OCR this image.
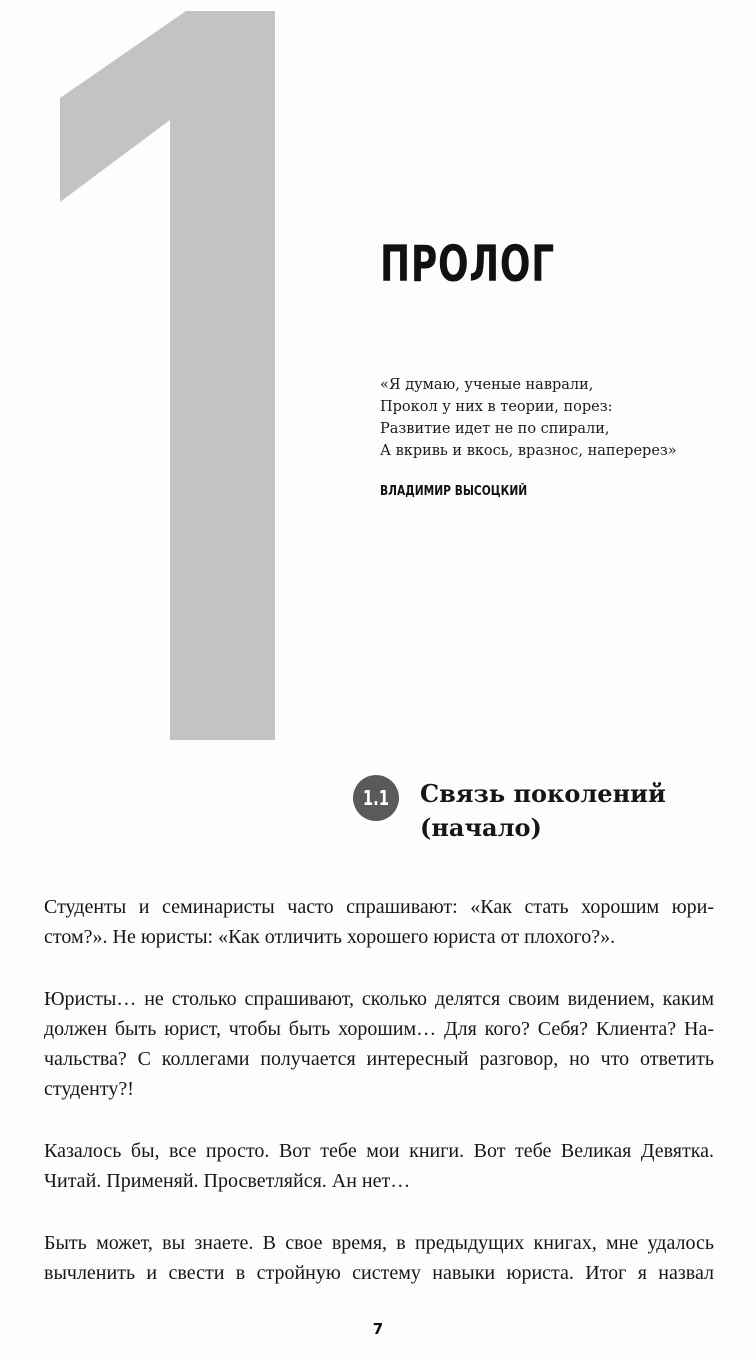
ПРОЛОГ
«Я думаю, ученые наврали,
Прокол у них в теории, порез:
Развитие идет не по спирали,
А вкривь и вкось, вразнос, наперерез»
ВЛАДИМИР ВЫСОЦКИЙ
1.1 Связь поколений
(начало)
Студенты и семинаристы часто спрашивают: «Как стать хорошим юри-
стом?». Не юристы: «Как отличить хорошего юриста от плохого?».
Юристы… не столько спрашивают, сколько делятся своим видением, каким
должен быть юрист, чтобы быть хорошим… Для кого? Себя? Клиента? На-
чальства? С коллегами получается интересный разговор, но что ответить
студенту?!
Казалось бы, все просто. Вот тебе мои книги. Вот тебе Великая Девятка.
Читай. Применяй. Просветляйся. Ан нет…
Быть может, вы знаете. В свое время, в предыдущих книгах, мне удалось
вычленить и свести в стройную систему навыки юриста. Итог я назвал
7
